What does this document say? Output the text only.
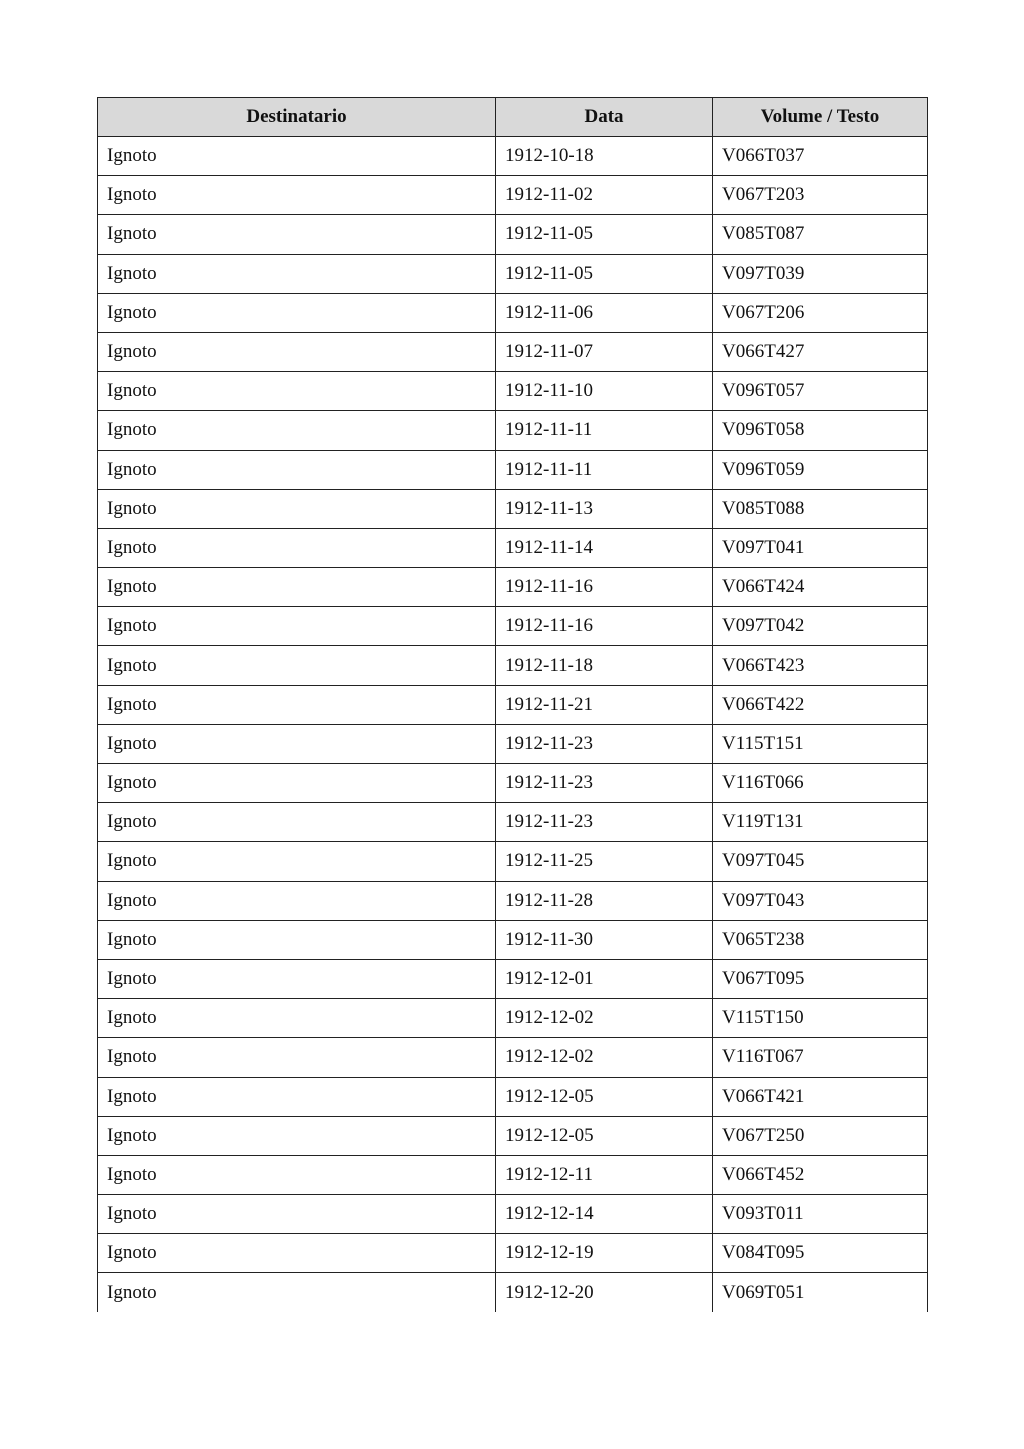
Destinatario	Data	Volume / Testo
Ignoto	1912-10-18	V066T037
Ignoto	1912-11-02	V067T203
Ignoto	1912-11-05	V085T087
Ignoto	1912-11-05	V097T039
Ignoto	1912-11-06	V067T206
Ignoto	1912-11-07	V066T427
Ignoto	1912-11-10	V096T057
Ignoto	1912-11-11	V096T058
Ignoto	1912-11-11	V096T059
Ignoto	1912-11-13	V085T088
Ignoto	1912-11-14	V097T041
Ignoto	1912-11-16	V066T424
Ignoto	1912-11-16	V097T042
Ignoto	1912-11-18	V066T423
Ignoto	1912-11-21	V066T422
Ignoto	1912-11-23	V115T151
Ignoto	1912-11-23	V116T066
Ignoto	1912-11-23	V119T131
Ignoto	1912-11-25	V097T045
Ignoto	1912-11-28	V097T043
Ignoto	1912-11-30	V065T238
Ignoto	1912-12-01	V067T095
Ignoto	1912-12-02	V115T150
Ignoto	1912-12-02	V116T067
Ignoto	1912-12-05	V066T421
Ignoto	1912-12-05	V067T250
Ignoto	1912-12-11	V066T452
Ignoto	1912-12-14	V093T011
Ignoto	1912-12-19	V084T095
Ignoto	1912-12-20	V069T051
